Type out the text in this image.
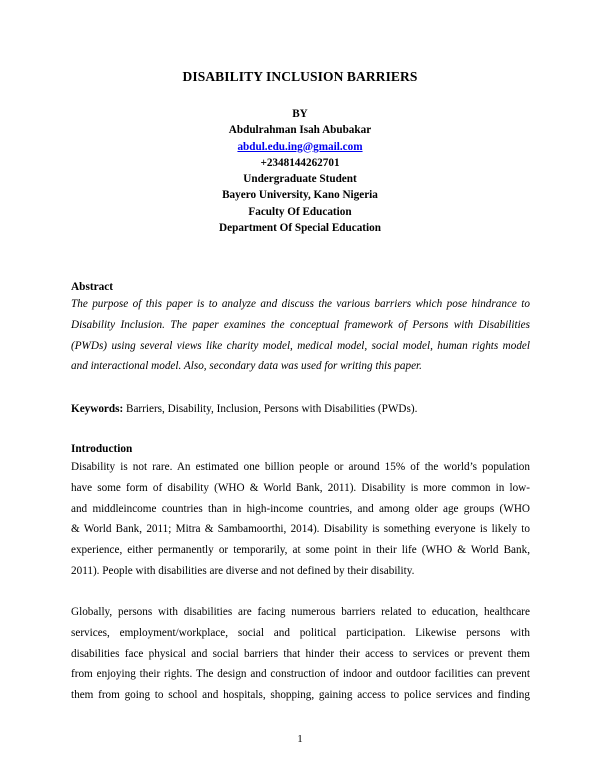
DISABILITY INCLUSION BARRIERS
BY
Abdulrahman Isah Abubakar
abdul.edu.ing@gmail.com
+2348144262701
Undergraduate Student
Bayero University, Kano Nigeria
Faculty Of Education
Department Of Special Education
Abstract
The purpose of this paper is to analyze and discuss the various barriers which pose hindrance to
Disability Inclusion. The paper examines the conceptual framework of Persons with Disabilities
(PWDs) using several views like charity model, medical model, social model, human rights model
and interactional model. Also, secondary data was used for writing this paper.
Keywords: Barriers, Disability, Inclusion, Persons with Disabilities (PWDs).
Introduction
Disability is not rare. An estimated one billion people or around 15% of the world’s population
have some form of disability (WHO & World Bank, 2011). Disability is more common in low-
and middleincome countries than in high-income countries, and among older age groups (WHO
& World Bank, 2011; Mitra & Sambamoorthi, 2014). Disability is something everyone is likely to
experience, either permanently or temporarily, at some point in their life (WHO & World Bank,
2011). People with disabilities are diverse and not defined by their disability.
Globally, persons with disabilities are facing numerous barriers related to education, healthcare
services, employment/workplace, social and political participation. Likewise persons with
disabilities face physical and social barriers that hinder their access to services or prevent them
from enjoying their rights. The design and construction of indoor and outdoor facilities can prevent
them from going to school and hospitals, shopping, gaining access to police services and finding
1
